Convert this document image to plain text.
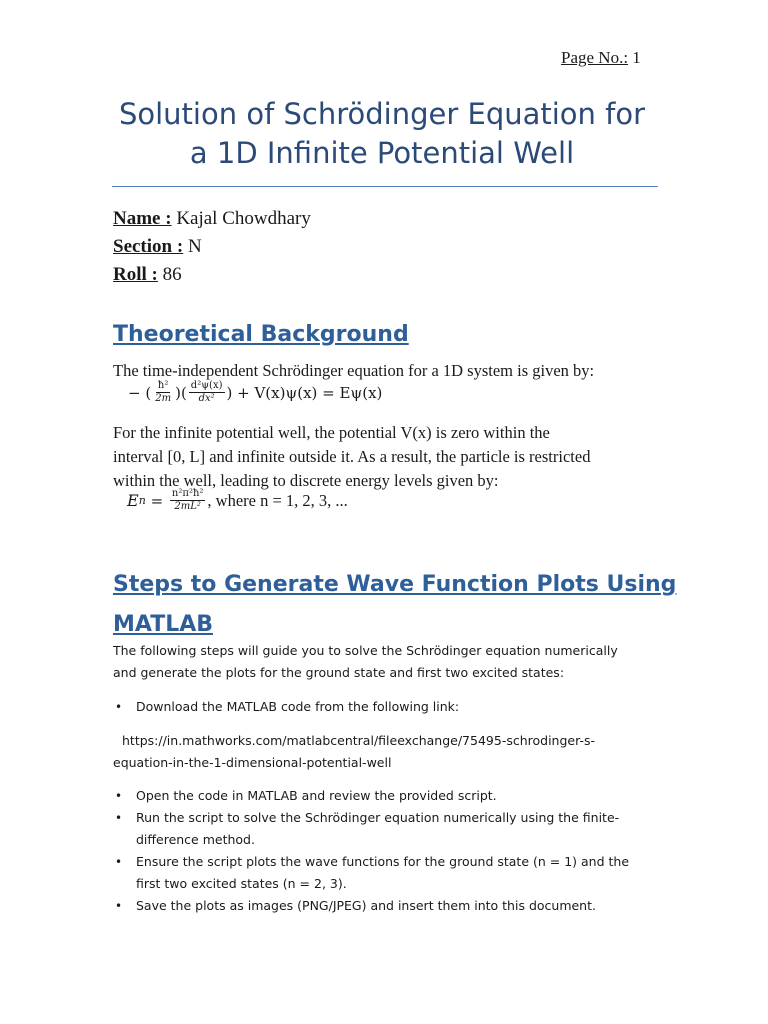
Page No.: 1
Solution of Schrödinger Equation for
a 1D Infinite Potential Well
Name : Kajal Chowdhary
Section : N
Roll : 86
Theoretical Background
The time-independent Schrödinger equation for a 1D system is given by:
−
( $\frac{\text{ħ²}}{2m}$ ) ( $\frac{\text{d²ψ(x)}}{\text{dx²}}$ )
+ V(x)ψ(x) = Eψ(x)
For the infinite potential well, the potential V(x) is zero within the
interval [0, L] and infinite outside it. As a result, the particle is restricted
within the well, leading to discrete energy levels given by:
E n
=
$\frac{\text{n²π²ħ²}}{\text{2mL²}}$ , where n = 1, 2, 3, ...
Steps to Generate Wave Function Plots Using
MATLAB
The following steps will guide you to solve the Schrödinger equation numerically
and generate the plots for the ground state and first two excited states:
• Download the MATLAB code from the following link:
https://in.mathworks.com/matlabcentral/fileexchange/75495-schrodinger-s-
equation-in-the-1-dimensional-potential-well
• Open the code in MATLAB and review the provided script.
• Run the script to solve the Schrödinger equation numerically using the finite-difference method.
• Ensure the script plots the wave functions for the ground state (n = 1) and the first two excited states (n = 2, 3).
• Save the plots as images (PNG/JPEG) and insert them into this document.
